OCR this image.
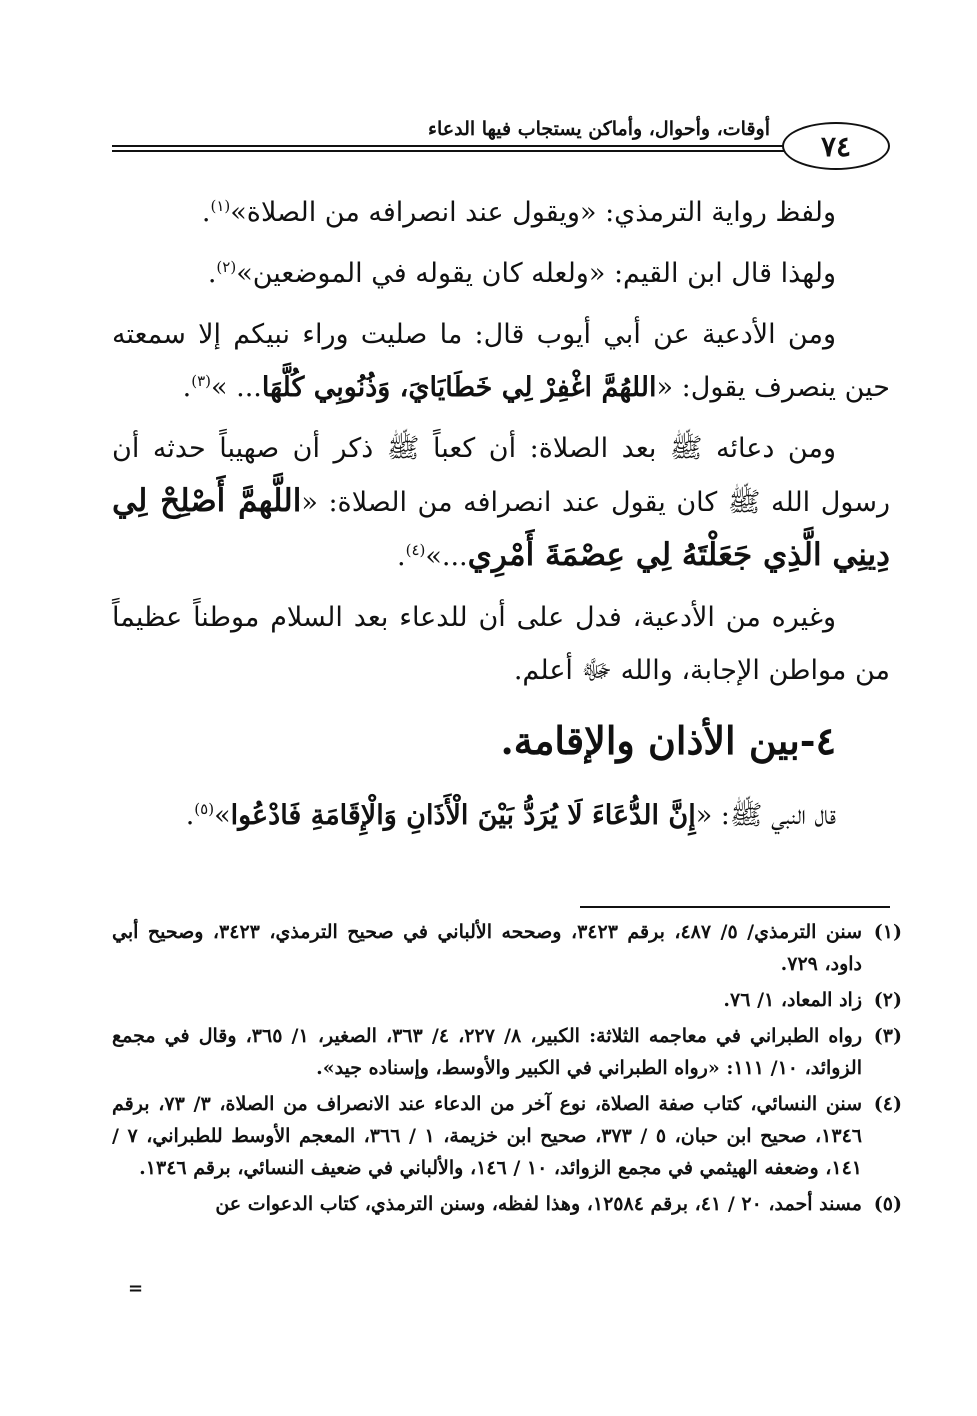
٧٤
أوقات، وأحوال، وأماكن يستجاب فيها الدعاء

ولفظ رواية الترمذي: «ويقول عند انصرافه من الصلاة»$^{(١)}$.

ولهذا قال ابن القيم: «ولعله كان يقوله في الموضعين»$^{(٢)}$.

ومن الأدعية عن أبي أيوب قال: ما صليت وراء نبيكم إلا سمعته حين ينصرف يقول: «اللهُمَّ اغْفِرْ لِي خَطَايَايَ، وَذُنُوبِي كُلَّهَا... »$^{(٣)}$.

ومن دعائه ﷺ بعد الصلاة: أن كعباً ﷺ ذكر أن صهيباً حدثه أن رسول الله ﷺ كان يقول عند انصرافه من الصلاة: «اللَّهمَّ أَصْلِحْ لِي دِينِي الَّذِي جَعَلْتَهُ لِي عِصْمَةَ أَمْرِي...»$^{(٤)}$.

وغيره من الأدعية، فدل على أن للدعاء بعد السلام موطناً عظيماً من مواطن الإجابة، والله ﷻ أعلم.

٤-بين الأذان والإقامة.

قال النبي ﷺ: «إِنَّ الدُّعَاءَ لَا يُرَدُّ بَيْنَ الْأَذَانِ وَالْإِقَامَةِ فَادْعُوا»$^{(٥)}$.

(١)
سنن الترمذي/ ٥/ ٤٨٧، برقم ٣٤٢٣، وصححه الألباني في صحيح الترمذي، ٣٤٢٣، وصحيح أبي داود، ٧٢٩.
(٢)
زاد المعاد، ١/ ٧٦.
(٣)
رواه الطبراني في معاجمه الثلاثة: الكبير، ٨/ ٢٢٧، ٤/ ٣٦٣، الصغير، ١/ ٣٦٥، وقال في مجمع الزوائد، ١٠/ ١١١: «رواه الطبراني في الكبير والأوسط، وإسناده جيد».
(٤)
سنن النسائي، كتاب صفة الصلاة، نوع آخر من الدعاء عند الانصراف من الصلاة، ٣/ ٧٣، برقم ١٣٤٦، صحيح ابن حبان، ٥ / ٣٧٣، صحيح ابن خزيمة، ١ / ٣٦٦، المعجم الأوسط للطبراني، ٧ / ١٤١، وضعفه الهيثمي في مجمع الزوائد، ١٠ / ١٤٦، والألباني في ضعيف النسائي، برقم ١٣٤٦.
(٥)
مسند أحمد، ٢٠ / ٤١، برقم ١٢٥٨٤، وهذا لفظه، وسنن الترمذي، كتاب الدعوات عن
=
